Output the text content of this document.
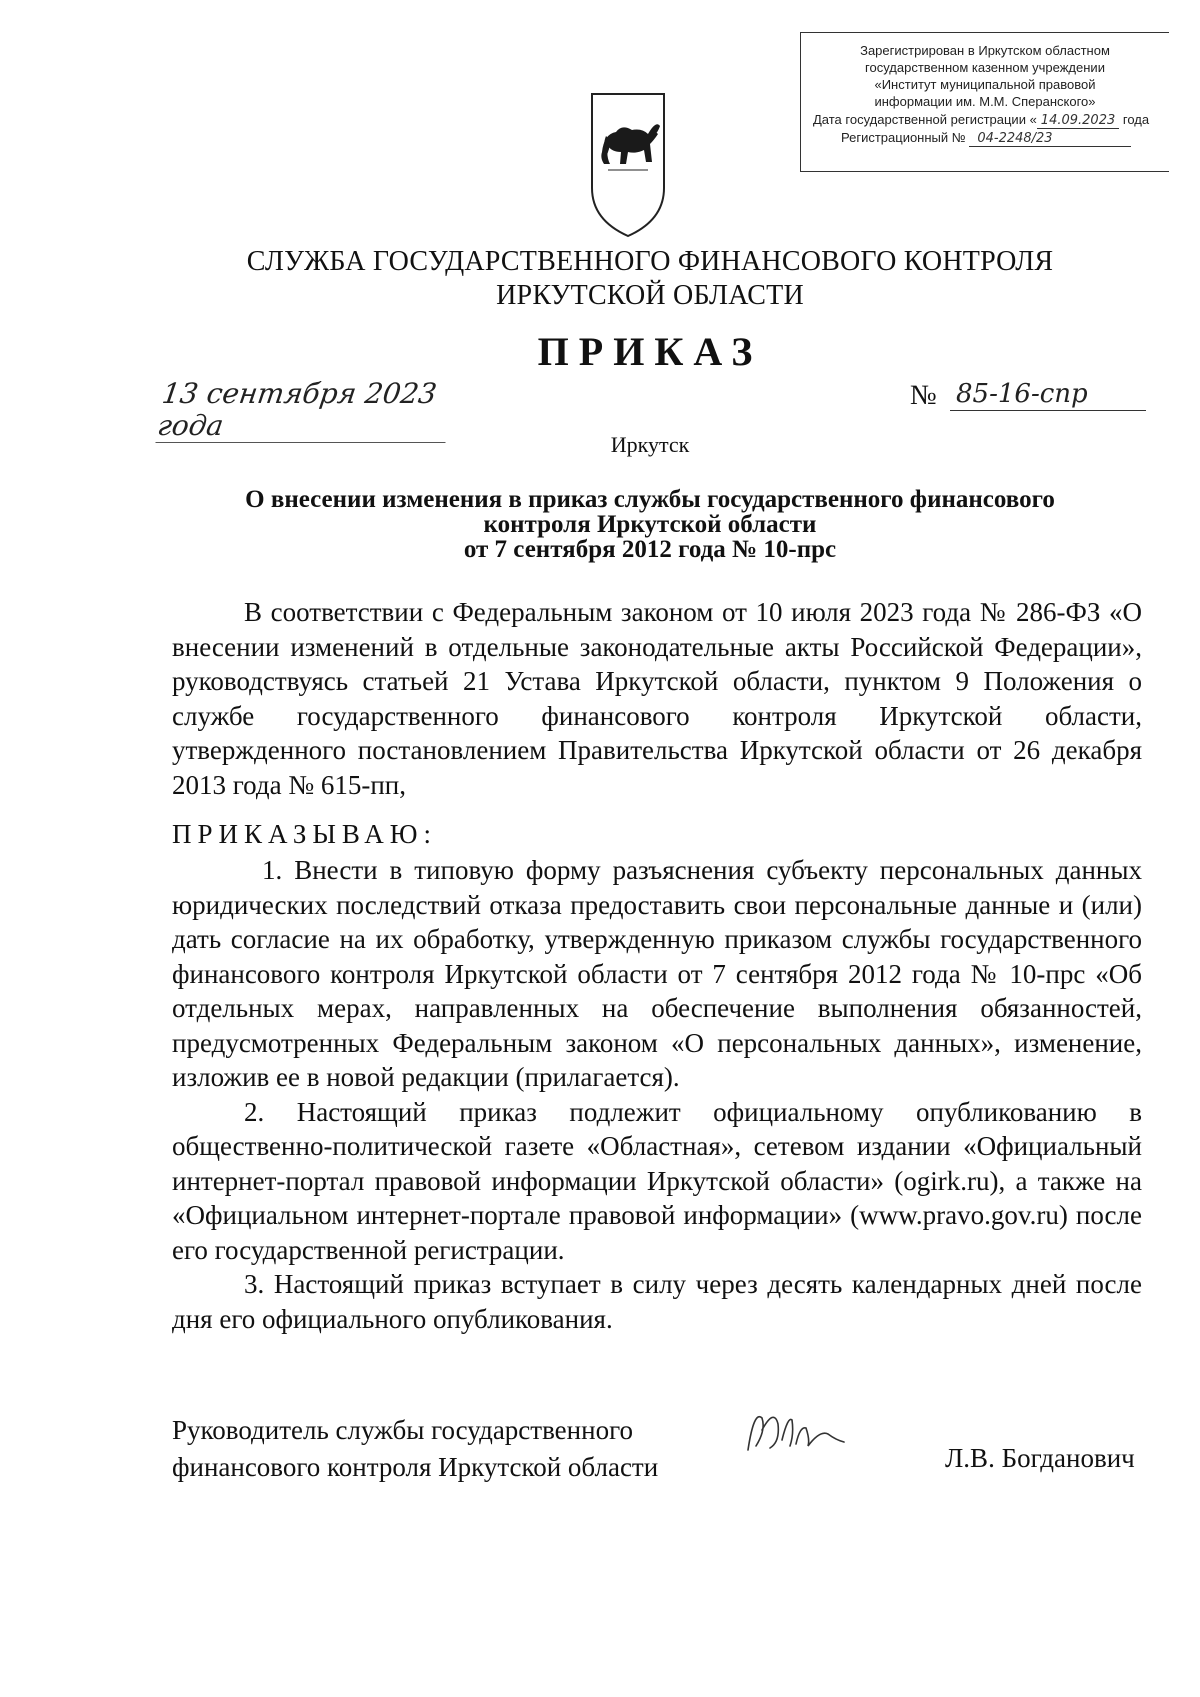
Зарегистрирован в Иркутском областном
государственном казенном учреждении
«Институт муниципальной правовой
информации им. М.М. Сперанского»
Дата государственной регистрации « 14.09.2023 года
Регистрационный № 04-2248/23
СЛУЖБА ГОСУДАРСТВЕННОГО ФИНАНСОВОГО КОНТРОЛЯ
ИРКУТСКОЙ ОБЛАСТИ
ПРИКАЗ
13 сентября 2023 года
№ 85-16-спр
Иркутск
О внесении изменения в приказ службы государственного финансового
контроля Иркутской области
от 7 сентября 2012 года № 10-прс

В соответствии с Федеральным законом от 10 июля 2023 года № 286-ФЗ «О внесении изменений в отдельные законодательные акты Российской Федерации», руководствуясь статьей 21 Устава Иркутской области, пунктом 9 Положения о службе государственного финансового контроля Иркутской области, утвержденного постановлением Правительства Иркутской области от 26 декабря 2013 года № 615-пп,

ПРИКАЗЫВАЮ:

1. Внести в типовую форму разъяснения субъекту персональных данных юридических последствий отказа предоставить свои персональные данные и (или) дать согласие на их обработку, утвержденную приказом службы государственного финансового контроля Иркутской области от 7 сентября 2012 года № 10-прс «Об отдельных мерах, направленных на обеспечение выполнения обязанностей, предусмотренных Федеральным законом «О персональных данных», изменение, изложив ее в новой редакции (прилагается).

2. Настоящий приказ подлежит официальному опубликованию в общественно-политической газете «Областная», сетевом издании «Официальный интернет-портал правовой информации Иркутской области» (ogirk.ru), а также на «Официальном интернет-портале правовой информации» (www.pravo.gov.ru) после его государственной регистрации.

3. Настоящий приказ вступает в силу через десять календарных дней после дня его официального опубликования.

Руководитель службы государственного
финансового контроля Иркутской области	Л.В. Богданович
